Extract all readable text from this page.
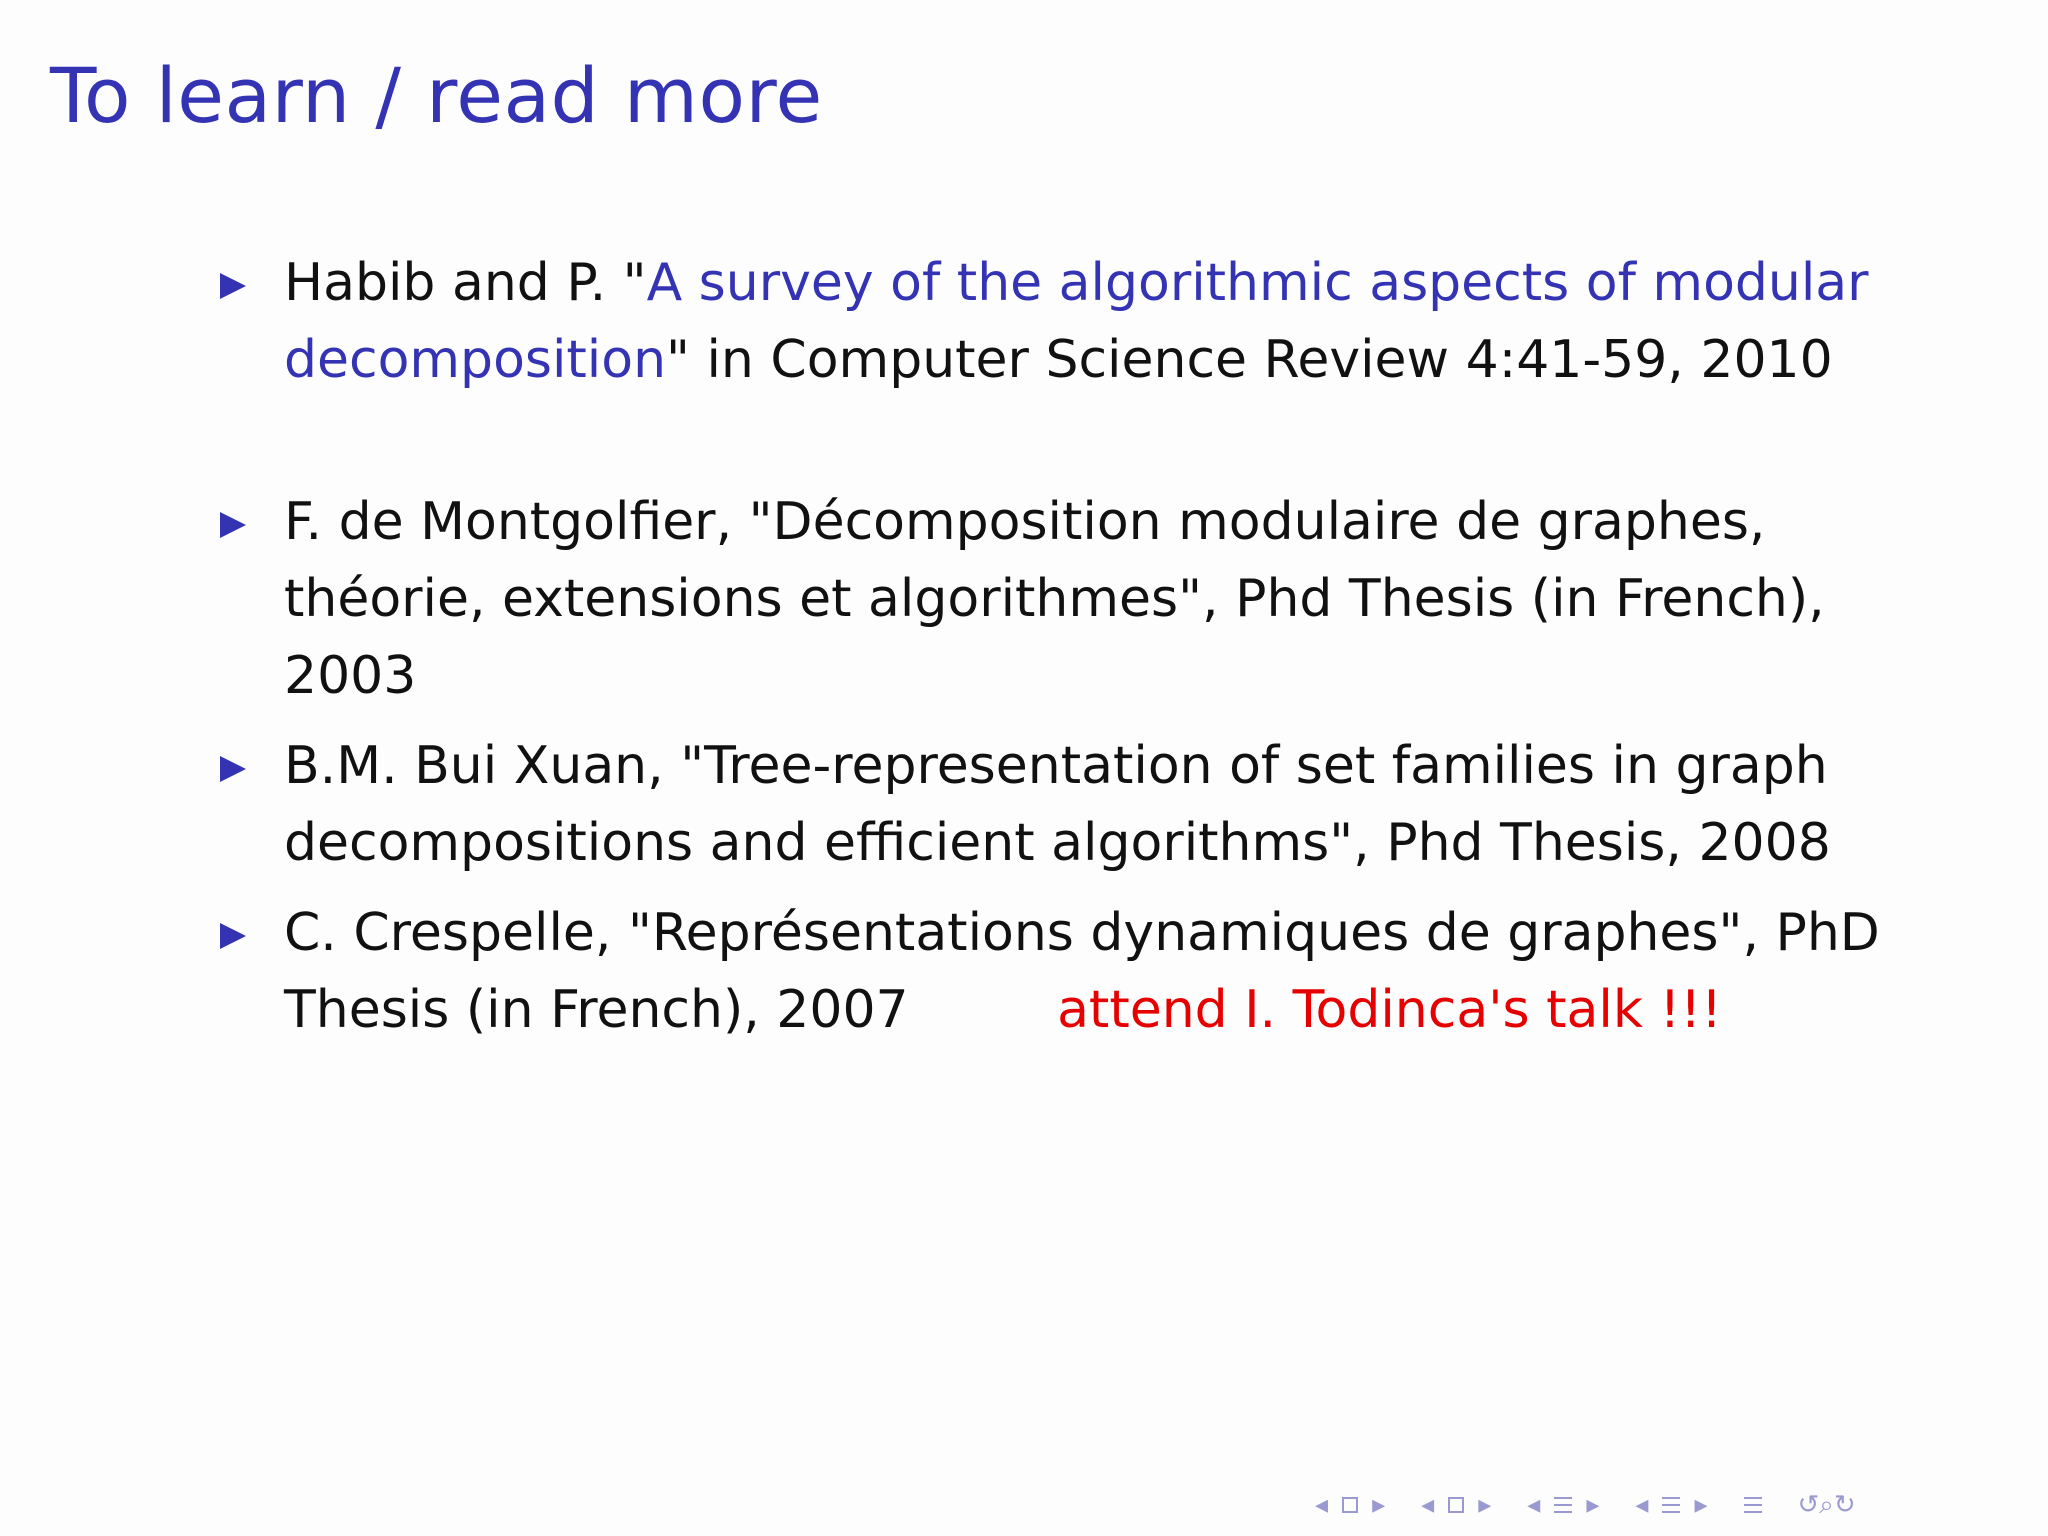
To learn / read more
Habib and P. "A survey of the algorithmic aspects of modular
decomposition" in Computer Science Review 4:41-59, 2010
F. de Montgolfier, "Décomposition modulaire de graphes,
théorie, extensions et algorithmes", Phd Thesis (in French),
2003
B.M. Bui Xuan, "Tree-representation of set families in graph
decompositions and efficient algorithms", Phd Thesis, 2008
C. Crespelle, "Représentations dynamiques de graphes", PhD
Thesis (in French), 2007	attend I. Todinca's talk !!!
◂ ▸ ◂ ▸ ◂ ▸ ◂ ▸	↺⌕↻
